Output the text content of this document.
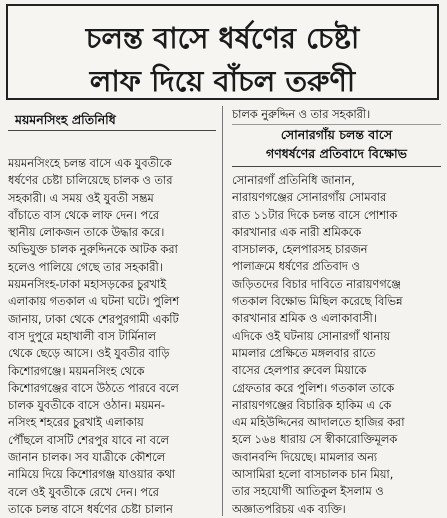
চলন্ত বাসে ধর্ষণের চেষ্টা
লাফ দিয়ে বাঁচল তরুণী
ময়মনসিংহ প্রতিনিধি
ময়মনসিংহে চলন্ত বাসে এক যুবতীকে
ধর্ষণের চেষ্টা চালিয়েছে চালক ও তার
সহকারী। এ সময় ওই যুবতী সম্ভ্রম
বাঁচাতে বাস থেকে লাফ দেন। পরে
স্থানীয় লোকজন তাকে উদ্ধার করে।
অভিযুক্ত চালক নুরুদ্দিনকে আটক করা
হলেও পালিয়ে গেছে তার সহকারী।
ময়মনসিংহ-ঢাকা মহাসড়কের চুরখাই
এলাকায় গতকাল এ ঘটনা ঘটে। পুলিশ
জানায়, ঢাকা থেকে শেরপুরগামী একটি
বাস দুপুরে মহাখালী বাস টার্মিনাল
থেকে ছেড়ে আসে। ওই যুবতীর বাড়ি
কিশোরগঞ্জে। ময়মনসিংহ থেকে
কিশোরগঞ্জের বাসে উঠতে পারবে বলে
চালক যুবতীকে বাসে ওঠান। ময়মন-
নসিংহ শহরের চুরখাই এলাকায়
পৌঁছলে বাসটি শেরপুর যাবে না বলে
জানান চালক। সব যাত্রীকে কৌশলে
নামিয়ে দিয়ে কিশোরগঞ্জ যাওয়ার কথা
বলে ওই যুবতীকে রেখে দেন। পরে
তাকে চলন্ত বাসে ধর্ষণের চেষ্টা চালান
চালক নুরুদ্দিন ও তার সহকারী।
সোনারগাঁয় চলন্ত বাসে
গণধর্ষণের প্রতিবাদে বিক্ষোভ
সোনারগাঁ প্রতিনিধি জানান,
নারায়ণগঞ্জের সোনারগাঁয় সোমবার
রাত ১১টার দিকে চলন্ত বাসে পোশাক
কারখানার এক নারী শ্রমিককে
বাসচালক, হেলপারসহ চারজন
পালাক্রমে ধর্ষণের প্রতিবাদ ও
জড়িতদের বিচার দাবিতে নারায়ণগঞ্জে
গতকাল বিক্ষোভ মিছিল করেছে বিভিন্ন
কারখানার শ্রমিক ও এলাকাবাসী।
এদিকে ওই ঘটনায় সোনারগাঁ থানায়
মামলার প্রেক্ষিতে মঙ্গলবার রাতে
বাসের হেলপার রুবেল মিয়াকে
গ্রেফতার করে পুলিশ। গতকাল তাকে
নারায়ণগঞ্জের বিচারিক হাকিম এ কে
এম মহিউদ্দিনের আদালতে হাজির করা
হলে ১৬৪ ধারায় সে স্বীকারোক্তিমূলক
জবানবন্দি দিয়েছে। মামলার অন্য
আসামিরা হলো বাসচালক চান মিয়া,
তার সহযোগী আতিকুল ইসলাম ও
অজ্ঞাতপরিচয় এক ব্যক্তি।
